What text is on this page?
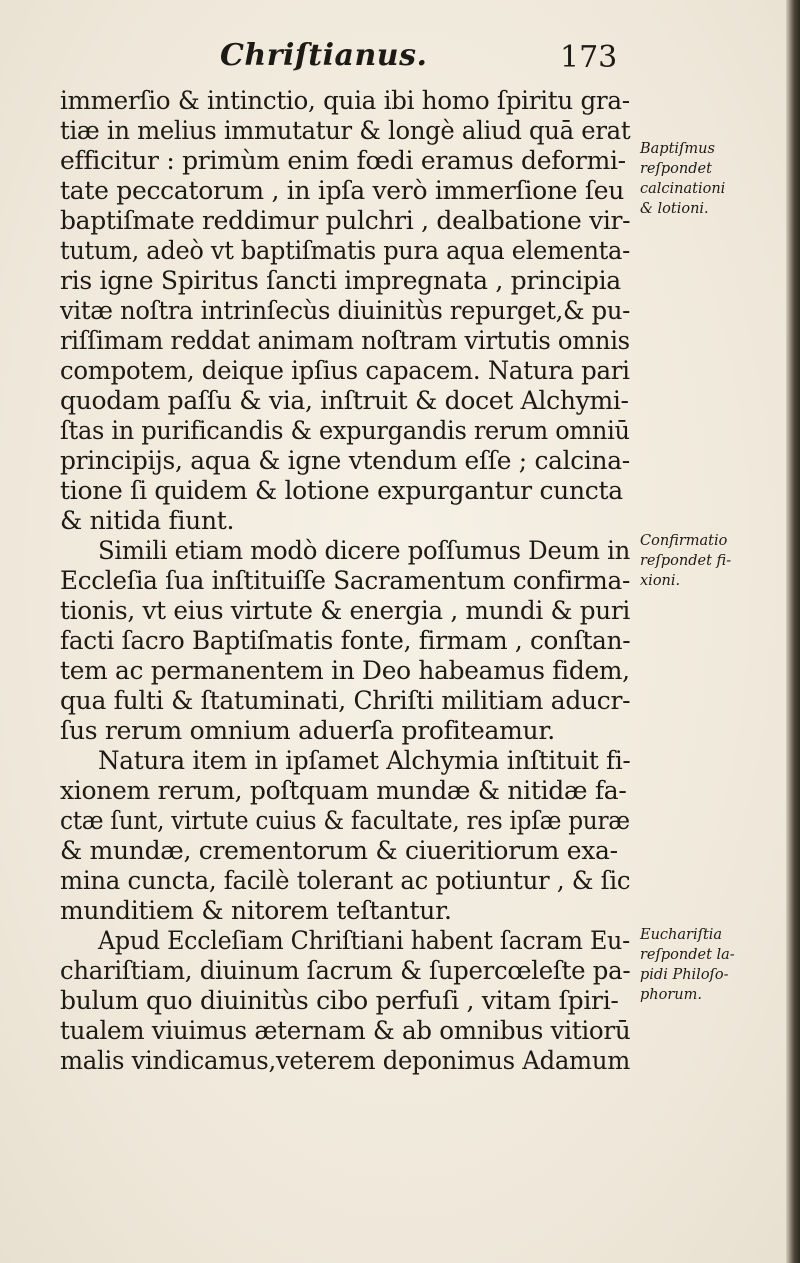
Chriſtianus.	173
immerſio & intinctio, quia ibi homo ſpiritu gra-
tiæ in melius immutatur & longè aliud quā erat
efficitur : primùm enim fœdi eramus deformi-
tate peccatorum , in ipſa verò immerſione ſeu
baptiſmate reddimur pulchri , dealbatione vir-
tutum, adeò vt baptiſmatis pura aqua elementa-
ris igne Spiritus ſancti impregnata , principia
vitæ noſtra intrinſecùs diuinitùs repurget,& pu-
riſſimam reddat animam noſtram virtutis omnis
compotem, deique ipſius capacem. Natura pari
quodam paſſu & via, inſtruit & docet Alchymi-
ſtas in purificandis & expurgandis rerum omniū
principijs, aqua & igne vtendum eſſe ; calcina-
tione ſi quidem & lotione expurgantur cuncta
& nitida fiunt.
Simili etiam modò dicere poſſumus Deum in
Eccleſia ſua inſtituiſſe Sacramentum confirma-
tionis, vt eius virtute & energia , mundi & puri
facti ſacro Baptiſmatis fonte, firmam , conſtan-
tem ac permanentem in Deo habeamus fidem,
qua fulti & ſtatuminati, Chriſti militiam aducr-
ſus rerum omnium aduerſa profiteamur.
Natura item in ipſamet Alchymia inſtituit fi-
xionem rerum, poſtquam mundæ & nitidæ fa-
ctæ ſunt, virtute cuius & facultate, res ipſæ puræ
& mundæ, crementorum & ciueritiorum exa-
mina cuncta, facilè tolerant ac potiuntur , & ſic
munditiem & nitorem teſtantur.
Apud Eccleſiam Chriſtiani habent ſacram Eu-
chariſtiam, diuinum ſacrum & ſupercœleſte pa-
bulum quo diuinitùs cibo perfuſi , vitam ſpiri-
tualem viuimus æternam & ab omnibus vitiorū
malis vindicamus,veterem deponimus Adamum
Baptiſmus
reſpondet
calcinationi
& lotioni.
Confirmatio
reſpondet fi-
xioni.
Euchariſtia
reſpondet la-
pidi Philoſo-
phorum.
